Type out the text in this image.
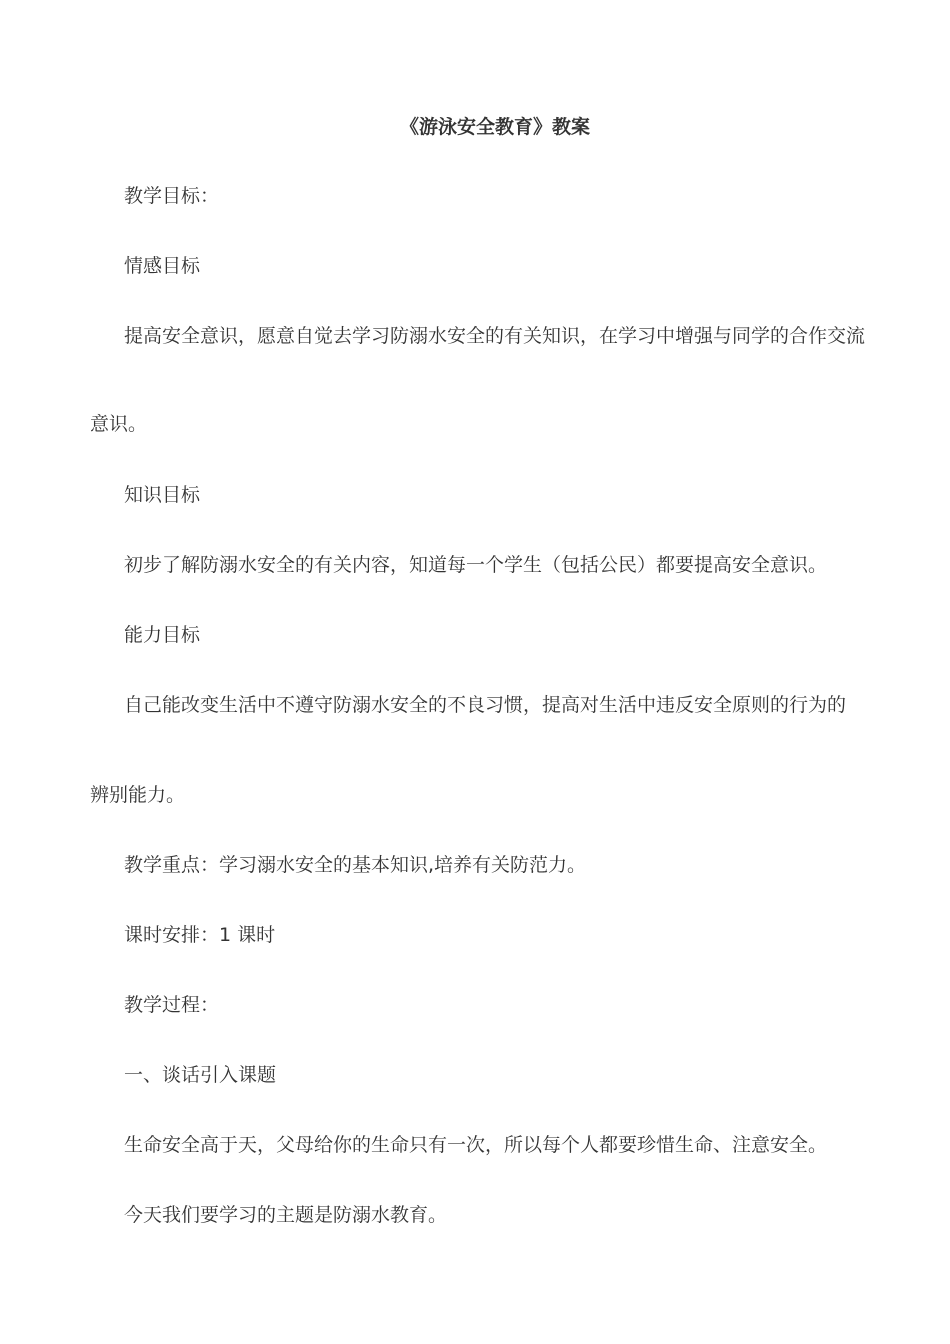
《游泳安全教育》教案
教学目标：
情感目标
提高安全意识，愿意自觉去学习防溺水安全的有关知识，在学习中增强与同学的合作交流
意识。
知识目标
初步了解防溺水安全的有关内容，知道每一个学生（包括公民）都要提高安全意识。
能力目标
自己能改变生活中不遵守防溺水安全的不良习惯，提高对生活中违反安全原则的行为的
辨别能力。
教学重点：学习溺水安全的基本知识,培养有关防范力。
课时安排：1 课时
教学过程：
一、谈话引入课题
生命安全高于天，父母给你的生命只有一次，所以每个人都要珍惜生命、注意安全。
今天我们要学习的主题是防溺水教育。
